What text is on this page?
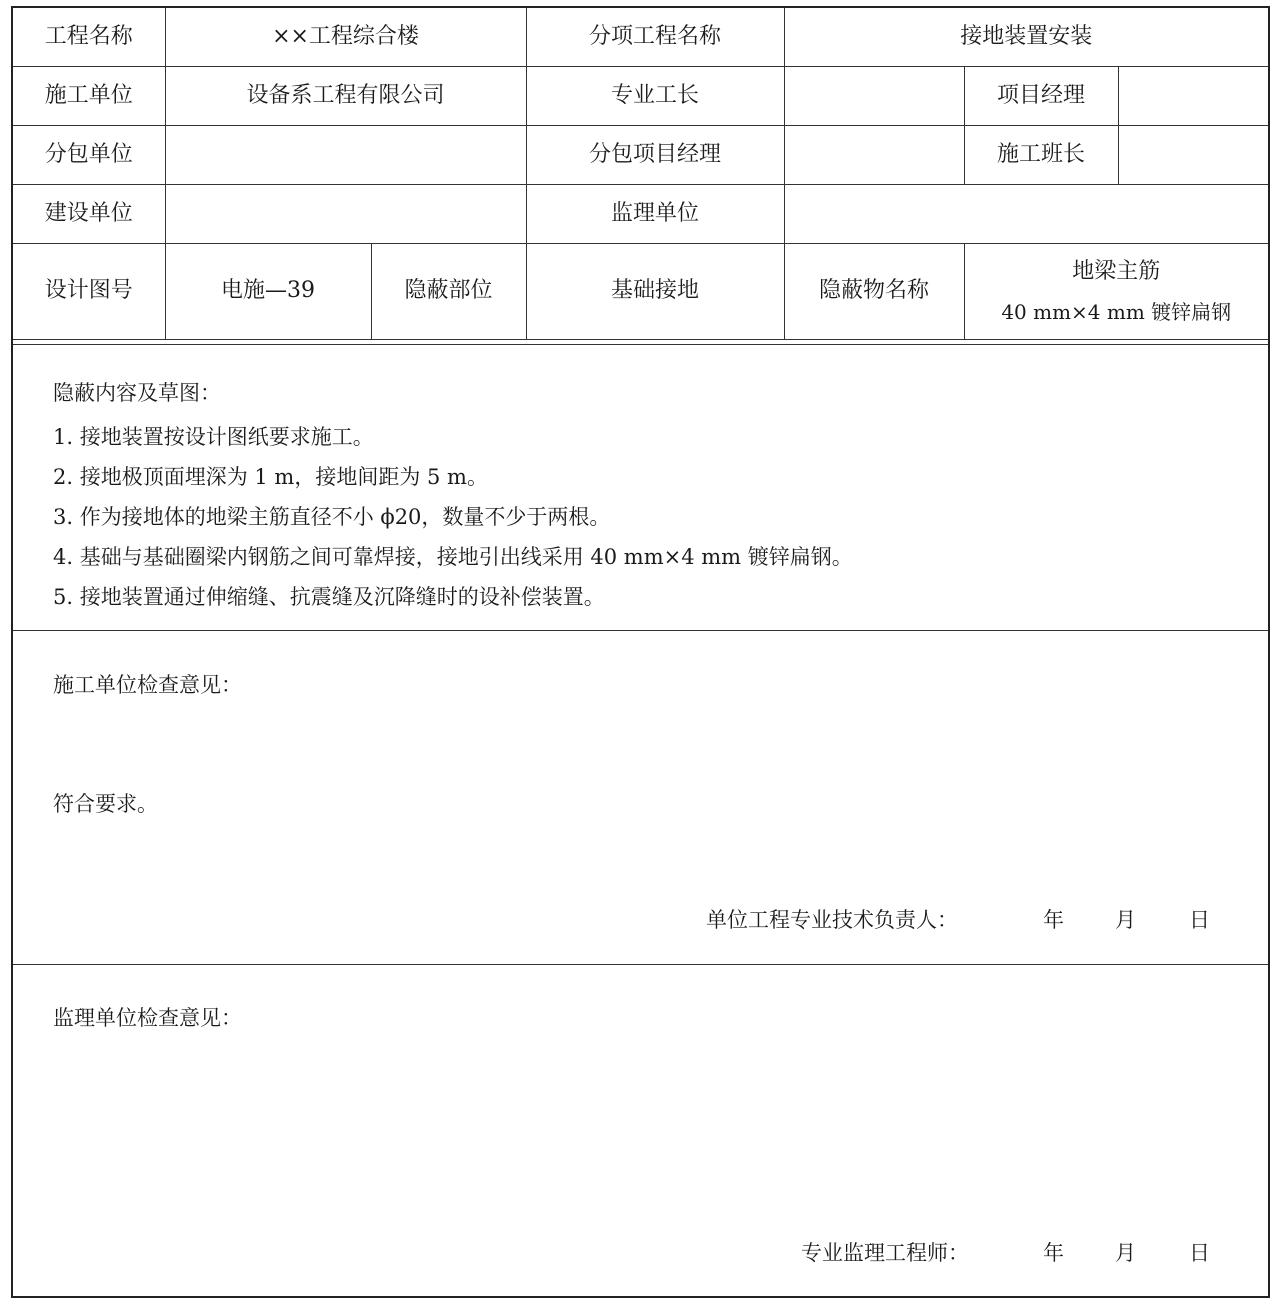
工程名称	××工程综合楼		分项工程名称	接地装置安装		
施工单位	设备系工程有限公司		专业工长		项目经理	
分包单位			分包项目经理		施工班长	
建设单位			监理单位			
设计图号	电施—39	隐蔽部位	基础接地	隐蔽物名称	地梁主筋
40 mm×4 mm 镀锌扁钢	
隐蔽内容及草图：
1. 接地装置按设计图纸要求施工。
2. 接地极顶面埋深为 1 m，接地间距为 5 m。
3. 作为接地体的地梁主筋直径不小 ϕ20，数量不少于两根。
4. 基础与基础圈梁内钢筋之间可靠焊接，接地引出线采用 40 mm×4 mm 镀锌扁钢。
5. 接地装置通过伸缩缝、抗震缝及沉降缝时的设补偿装置。
施工单位检查意见：
符合要求。
单位工程专业技术负责人：	年 月	日
监理单位检查意见：
专业监理工程师：	年 月	日
